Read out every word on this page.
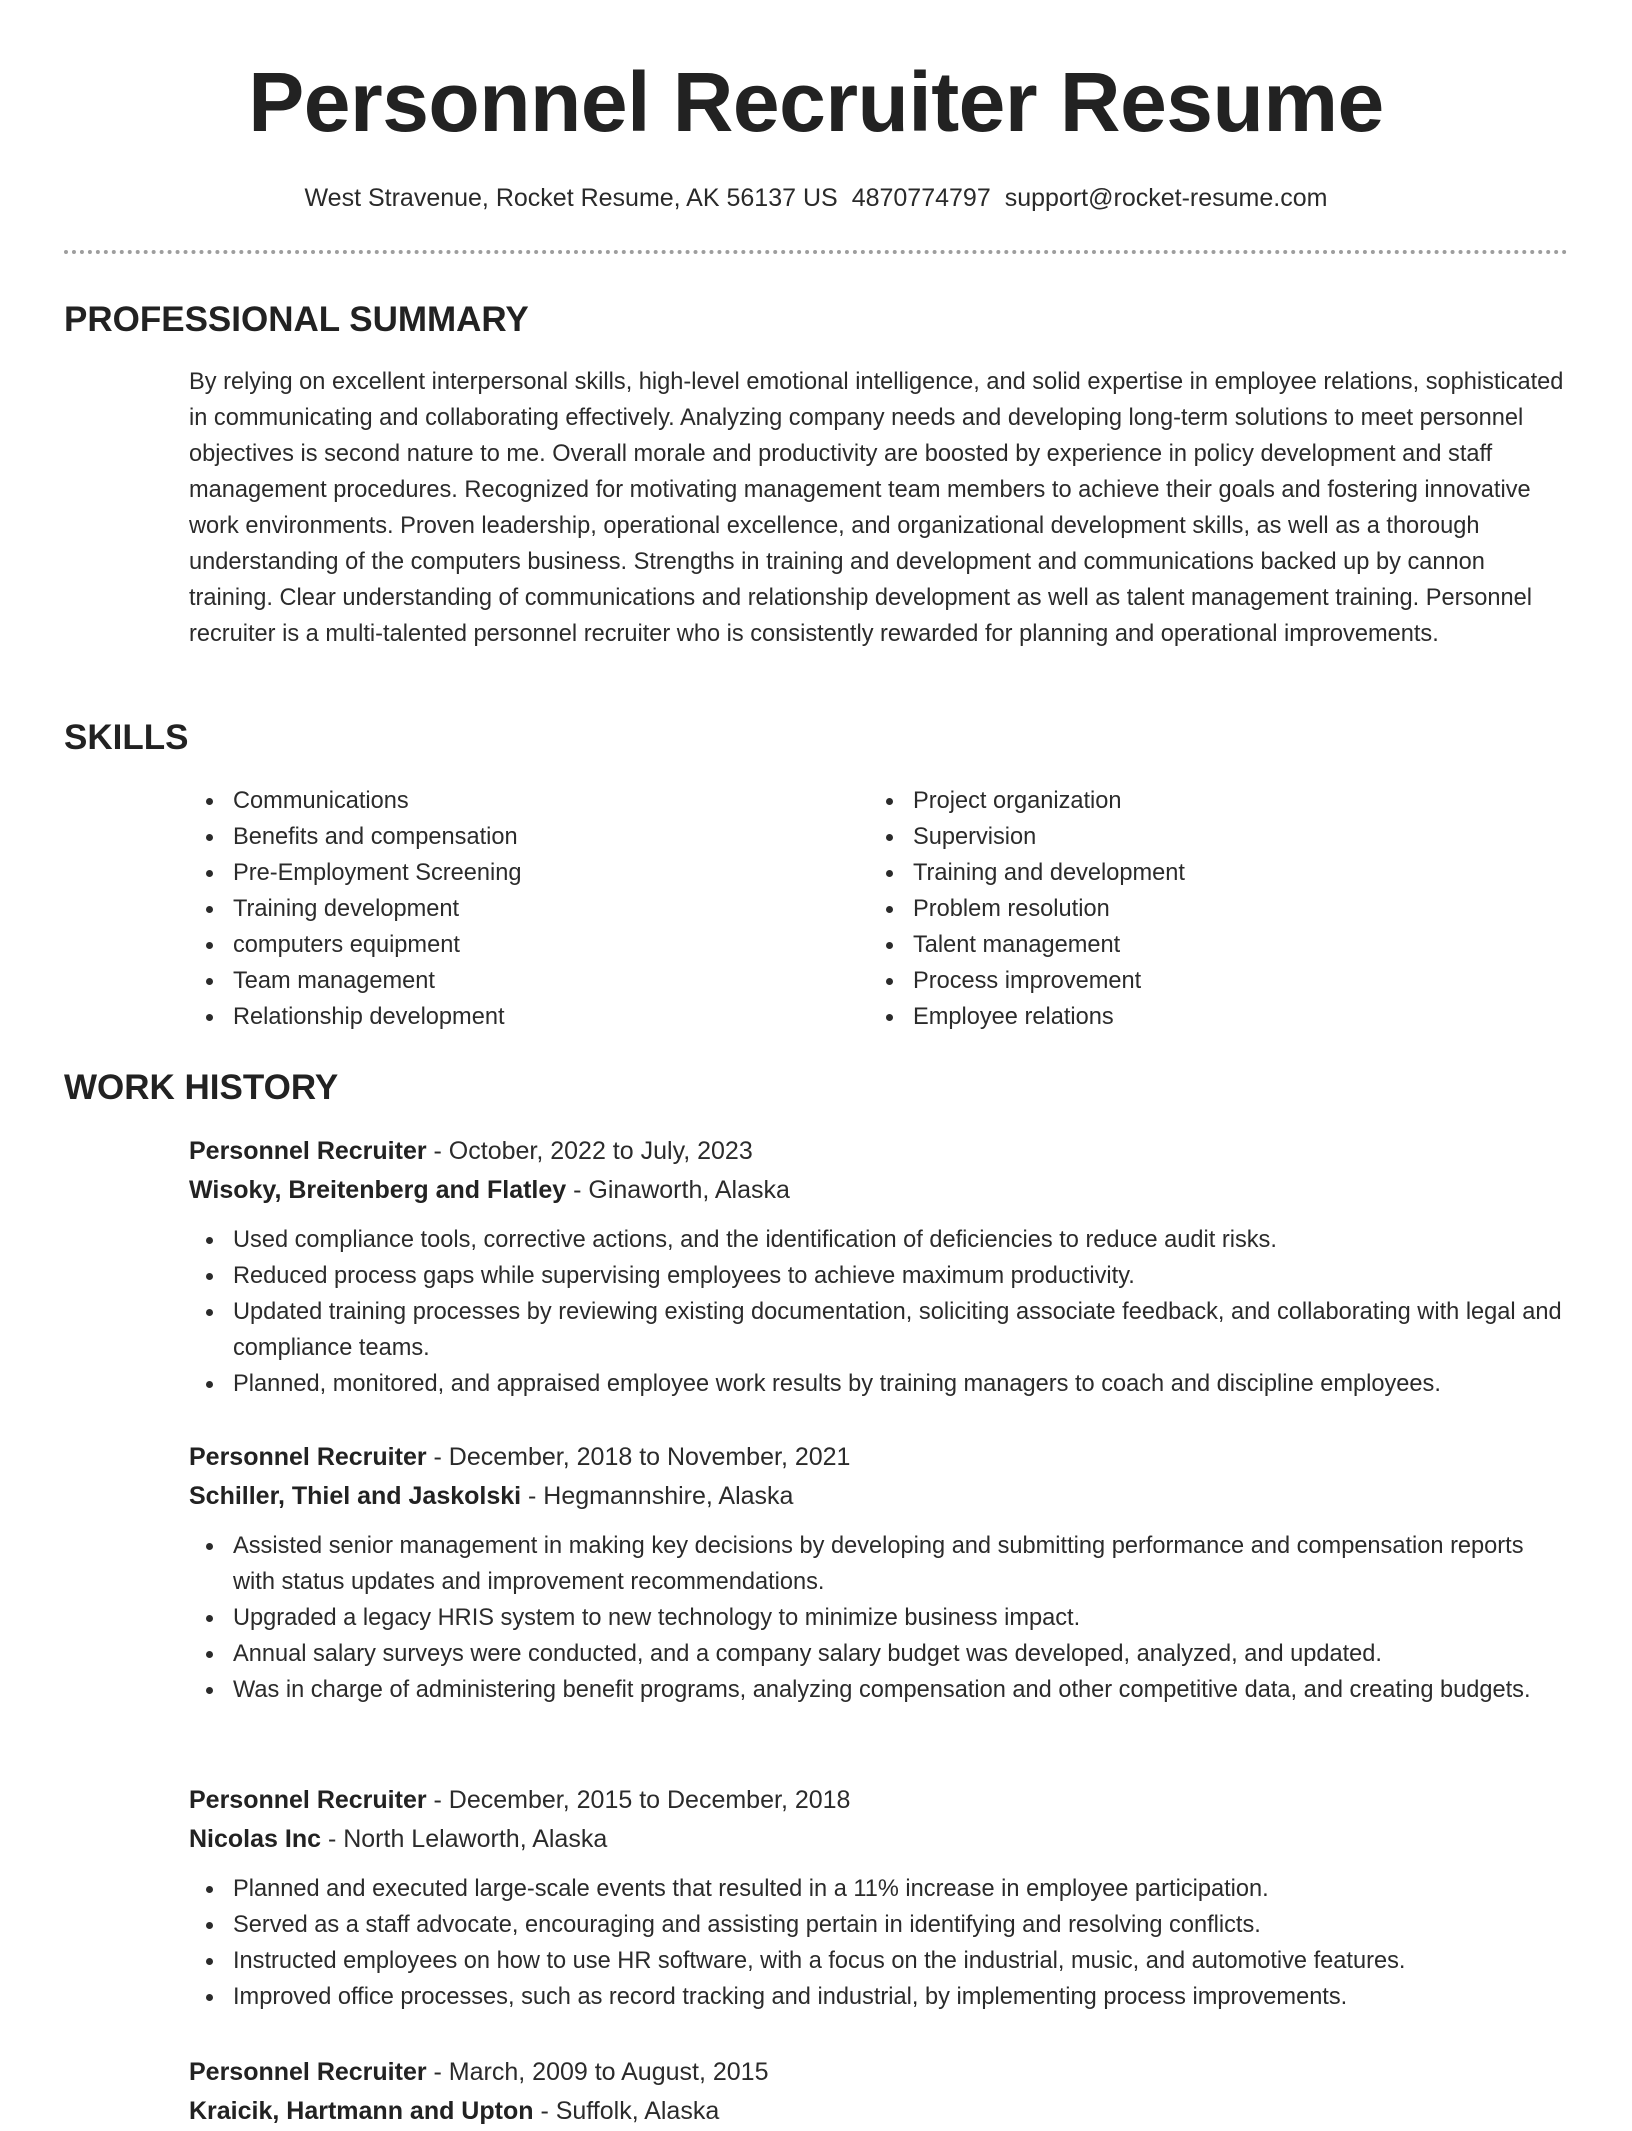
Personnel Recruiter Resume
West Stravenue, Rocket Resume, AK 56137 US 4870774797 support@rocket-resume.com
PROFESSIONAL SUMMARY

By relying on excellent interpersonal skills, high-level emotional intelligence, and solid expertise in employee relations, sophisticated in communicating and collaborating effectively. Analyzing company needs and developing long-term solutions to meet personnel objectives is second nature to me. Overall morale and productivity are boosted by experience in policy development and staff management procedures. Recognized for motivating management team members to achieve their goals and fostering innovative work environments. Proven leadership, operational excellence, and organizational development skills, as well as a thorough understanding of the computers business. Strengths in training and development and communications backed up by cannon training. Clear understanding of communications and relationship development as well as talent management training. Personnel recruiter is a multi-talented personnel recruiter who is consistently rewarded for planning and operational improvements.

SKILLS
Communications
Benefits and compensation
Pre-Employment Screening
Training development
computers equipment
Team management
Relationship development
Project organization
Supervision
Training and development
Problem resolution
Talent management
Process improvement
Employee relations
WORK HISTORY
Personnel Recruiter - October, 2022 to July, 2023
Wisoky, Breitenberg and Flatley - Ginaworth, Alaska
Used compliance tools, corrective actions, and the identification of deficiencies to reduce audit risks.
Reduced process gaps while supervising employees to achieve maximum productivity.
Updated training processes by reviewing existing documentation, soliciting associate feedback, and collaborating with legal and compliance teams.
Planned, monitored, and appraised employee work results by training managers to coach and discipline employees.
Personnel Recruiter - December, 2018 to November, 2021
Schiller, Thiel and Jaskolski - Hegmannshire, Alaska
Assisted senior management in making key decisions by developing and submitting performance and compensation reports with status updates and improvement recommendations.
Upgraded a legacy HRIS system to new technology to minimize business impact.
Annual salary surveys were conducted, and a company salary budget was developed, analyzed, and updated.
Was in charge of administering benefit programs, analyzing compensation and other competitive data, and creating budgets.
Personnel Recruiter - December, 2015 to December, 2018
Nicolas Inc - North Lelaworth, Alaska
Planned and executed large-scale events that resulted in a 11% increase in employee participation.
Served as a staff advocate, encouraging and assisting pertain in identifying and resolving conflicts.
Instructed employees on how to use HR software, with a focus on the industrial, music, and automotive features.
Improved office processes, such as record tracking and industrial, by implementing process improvements.
Personnel Recruiter - March, 2009 to August, 2015
Kraicik, Hartmann and Upton - Suffolk, Alaska
